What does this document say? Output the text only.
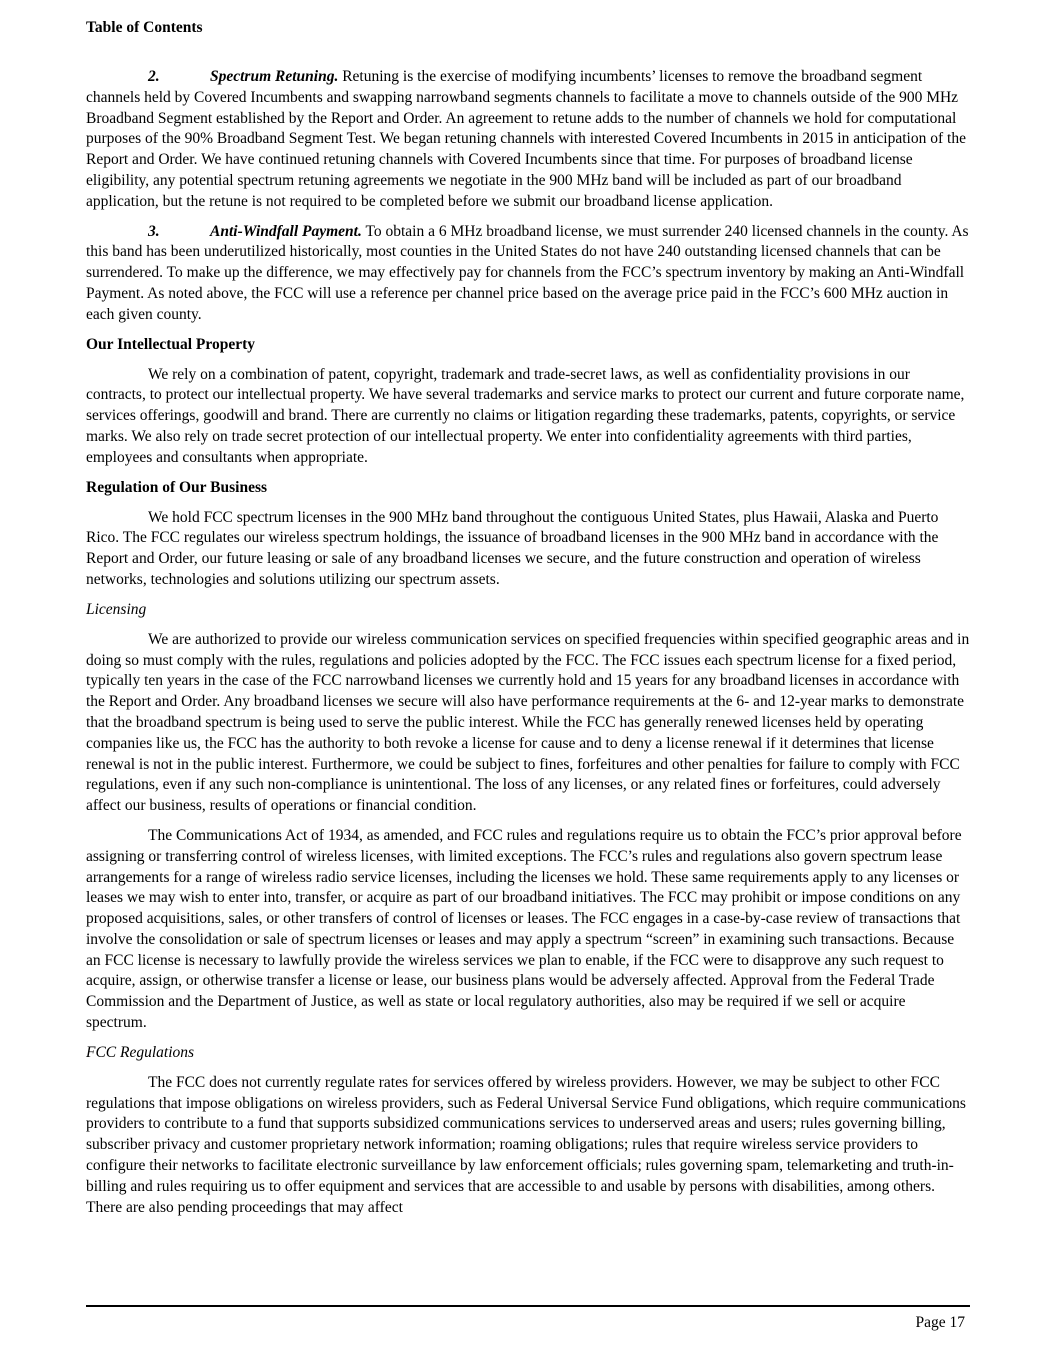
Table of Contents

2.	Spectrum Retuning. Retuning is the exercise of modifying incumbents’ licenses to remove the broadband segment channels held by Covered Incumbents and swapping narrowband segments channels to facilitate a move to channels outside of the 900 MHz Broadband Segment established by the Report and Order. An agreement to retune adds to the number of channels we hold for computational purposes of the 90% Broadband Segment Test. We began retuning channels with interested Covered Incumbents in 2015 in anticipation of the Report and Order. We have continued retuning channels with Covered Incumbents since that time. For purposes of broadband license eligibility, any potential spectrum retuning agreements we negotiate in the 900 MHz band will be included as part of our broadband application, but the retune is not required to be completed before we submit our broadband license application.

3.	Anti-Windfall Payment. To obtain a 6 MHz broadband license, we must surrender 240 licensed channels in the county. As this band has been underutilized historically, most counties in the United States do not have 240 outstanding licensed channels that can be surrendered. To make up the difference, we may effectively pay for channels from the FCC’s spectrum inventory by making an Anti-Windfall Payment. As noted above, the FCC will use a reference per channel price based on the average price paid in the FCC’s 600 MHz auction in each given county.

Our Intellectual Property

We rely on a combination of patent, copyright, trademark and trade-secret laws, as well as confidentiality provisions in our contracts, to protect our intellectual property. We have several trademarks and service marks to protect our current and future corporate name, services offerings, goodwill and brand. There are currently no claims or litigation regarding these trademarks, patents, copyrights, or service marks. We also rely on trade secret protection of our intellectual property. We enter into confidentiality agreements with third parties, employees and consultants when appropriate.

Regulation of Our Business

We hold FCC spectrum licenses in the 900 MHz band throughout the contiguous United States, plus Hawaii, Alaska and Puerto Rico. The FCC regulates our wireless spectrum holdings, the issuance of broadband licenses in the 900 MHz band in accordance with the Report and Order, our future leasing or sale of any broadband licenses we secure, and the future construction and operation of wireless networks, technologies and solutions utilizing our spectrum assets.

Licensing

We are authorized to provide our wireless communication services on specified frequencies within specified geographic areas and in doing so must comply with the rules, regulations and policies adopted by the FCC. The FCC issues each spectrum license for a fixed period, typically ten years in the case of the FCC narrowband licenses we currently hold and 15 years for any broadband licenses in accordance with the Report and Order. Any broadband licenses we secure will also have performance requirements at the 6- and 12-year marks to demonstrate that the broadband spectrum is being used to serve the public interest. While the FCC has generally renewed licenses held by operating companies like us, the FCC has the authority to both revoke a license for cause and to deny a license renewal if it determines that license renewal is not in the public interest. Furthermore, we could be subject to fines, forfeitures and other penalties for failure to comply with FCC regulations, even if any such non-compliance is unintentional. The loss of any licenses, or any related fines or forfeitures, could adversely affect our business, results of operations or financial condition.

The Communications Act of 1934, as amended, and FCC rules and regulations require us to obtain the FCC’s prior approval before assigning or transferring control of wireless licenses, with limited exceptions. The FCC’s rules and regulations also govern spectrum lease arrangements for a range of wireless radio service licenses, including the licenses we hold. These same requirements apply to any licenses or leases we may wish to enter into, transfer, or acquire as part of our broadband initiatives. The FCC may prohibit or impose conditions on any proposed acquisitions, sales, or other transfers of control of licenses or leases. The FCC engages in a case-by-case review of transactions that involve the consolidation or sale of spectrum licenses or leases and may apply a spectrum “screen” in examining such transactions. Because an FCC license is necessary to lawfully provide the wireless services we plan to enable, if the FCC were to disapprove any such request to acquire, assign, or otherwise transfer a license or lease, our business plans would be adversely affected. Approval from the Federal Trade Commission and the Department of Justice, as well as state or local regulatory authorities, also may be required if we sell or acquire spectrum.

FCC Regulations

The FCC does not currently regulate rates for services offered by wireless providers. However, we may be subject to other FCC regulations that impose obligations on wireless providers, such as Federal Universal Service Fund obligations, which require communications providers to contribute to a fund that supports subsidized communications services to underserved areas and users; rules governing billing, subscriber privacy and customer proprietary network information; roaming obligations; rules that require wireless service providers to configure their networks to facilitate electronic surveillance by law enforcement officials; rules governing spam, telemarketing and truth-in-billing and rules requiring us to offer equipment and services that are accessible to and usable by persons with disabilities, among others. There are also pending proceedings that may affect

Page 17
